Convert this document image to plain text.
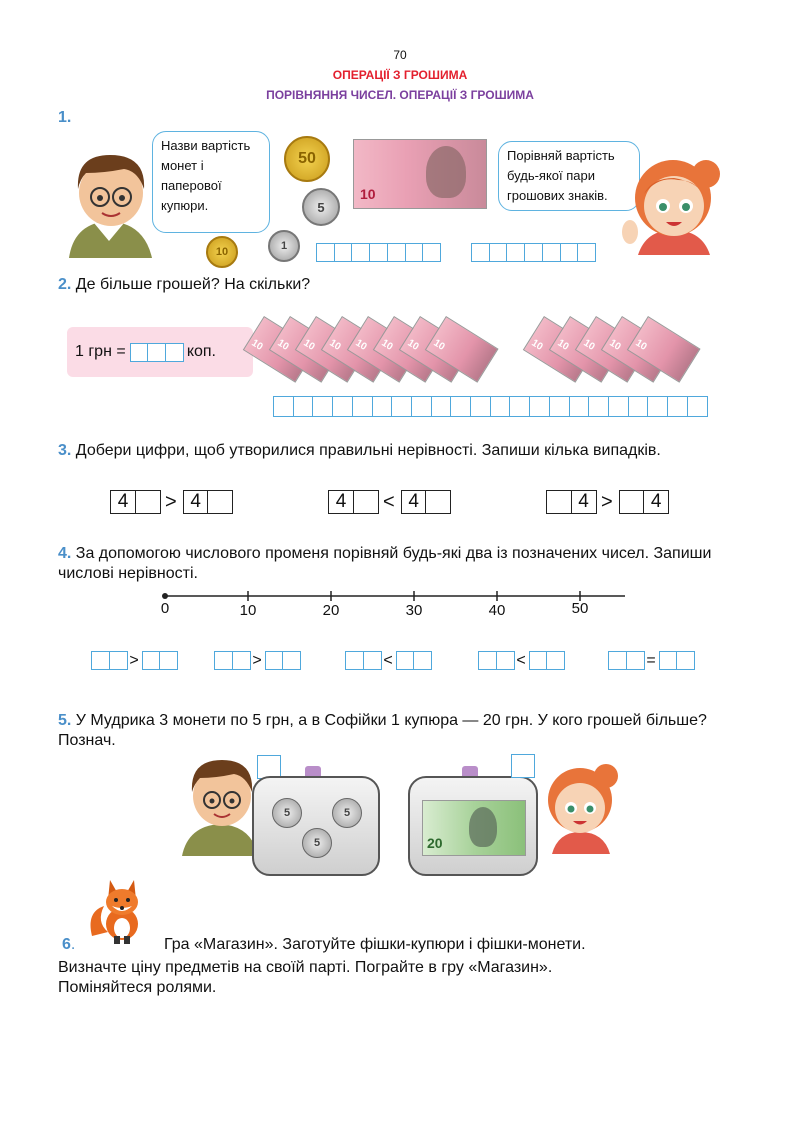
70
ОПЕРАЦІЇ З ГРОШИМА
ПОРІВНЯННЯ ЧИСЕЛ. ОПЕРАЦІЇ З ГРОШИМА
1.
Назви вартість
монет і
паперової
купюри.
50
5
10	1
10
Порівняй вартість
будь-якої пари
грошових знаків.
2. Де більше грошей? На скільки?
1 грн =	коп.	10 10 10 10 10 10 10 10	10 10 10 10 10
3. Добери цифри, щоб утворилися правильні нерівності. Запиши кілька випадків.
4	> 4	4	< 4	4 >	4
4. За допомогою числового променя порівняй будь-які два із позначених чисел. Запиши числові нерівності.
0	10	20	30	40	50
>	>	<	<	=
5. У Мудрика 3 монети по 5 грн, а в Софійки 1 купюра — 20 грн. У кого грошей більше? Познач.
5	5
5	20
6.	Гра «Магазин». Заготуйте фішки-купюри і фішки-монети.
Визначте ціну предметів на своїй парті. Пограйте в гру «Магазин».
Поміняйтеся ролями.
